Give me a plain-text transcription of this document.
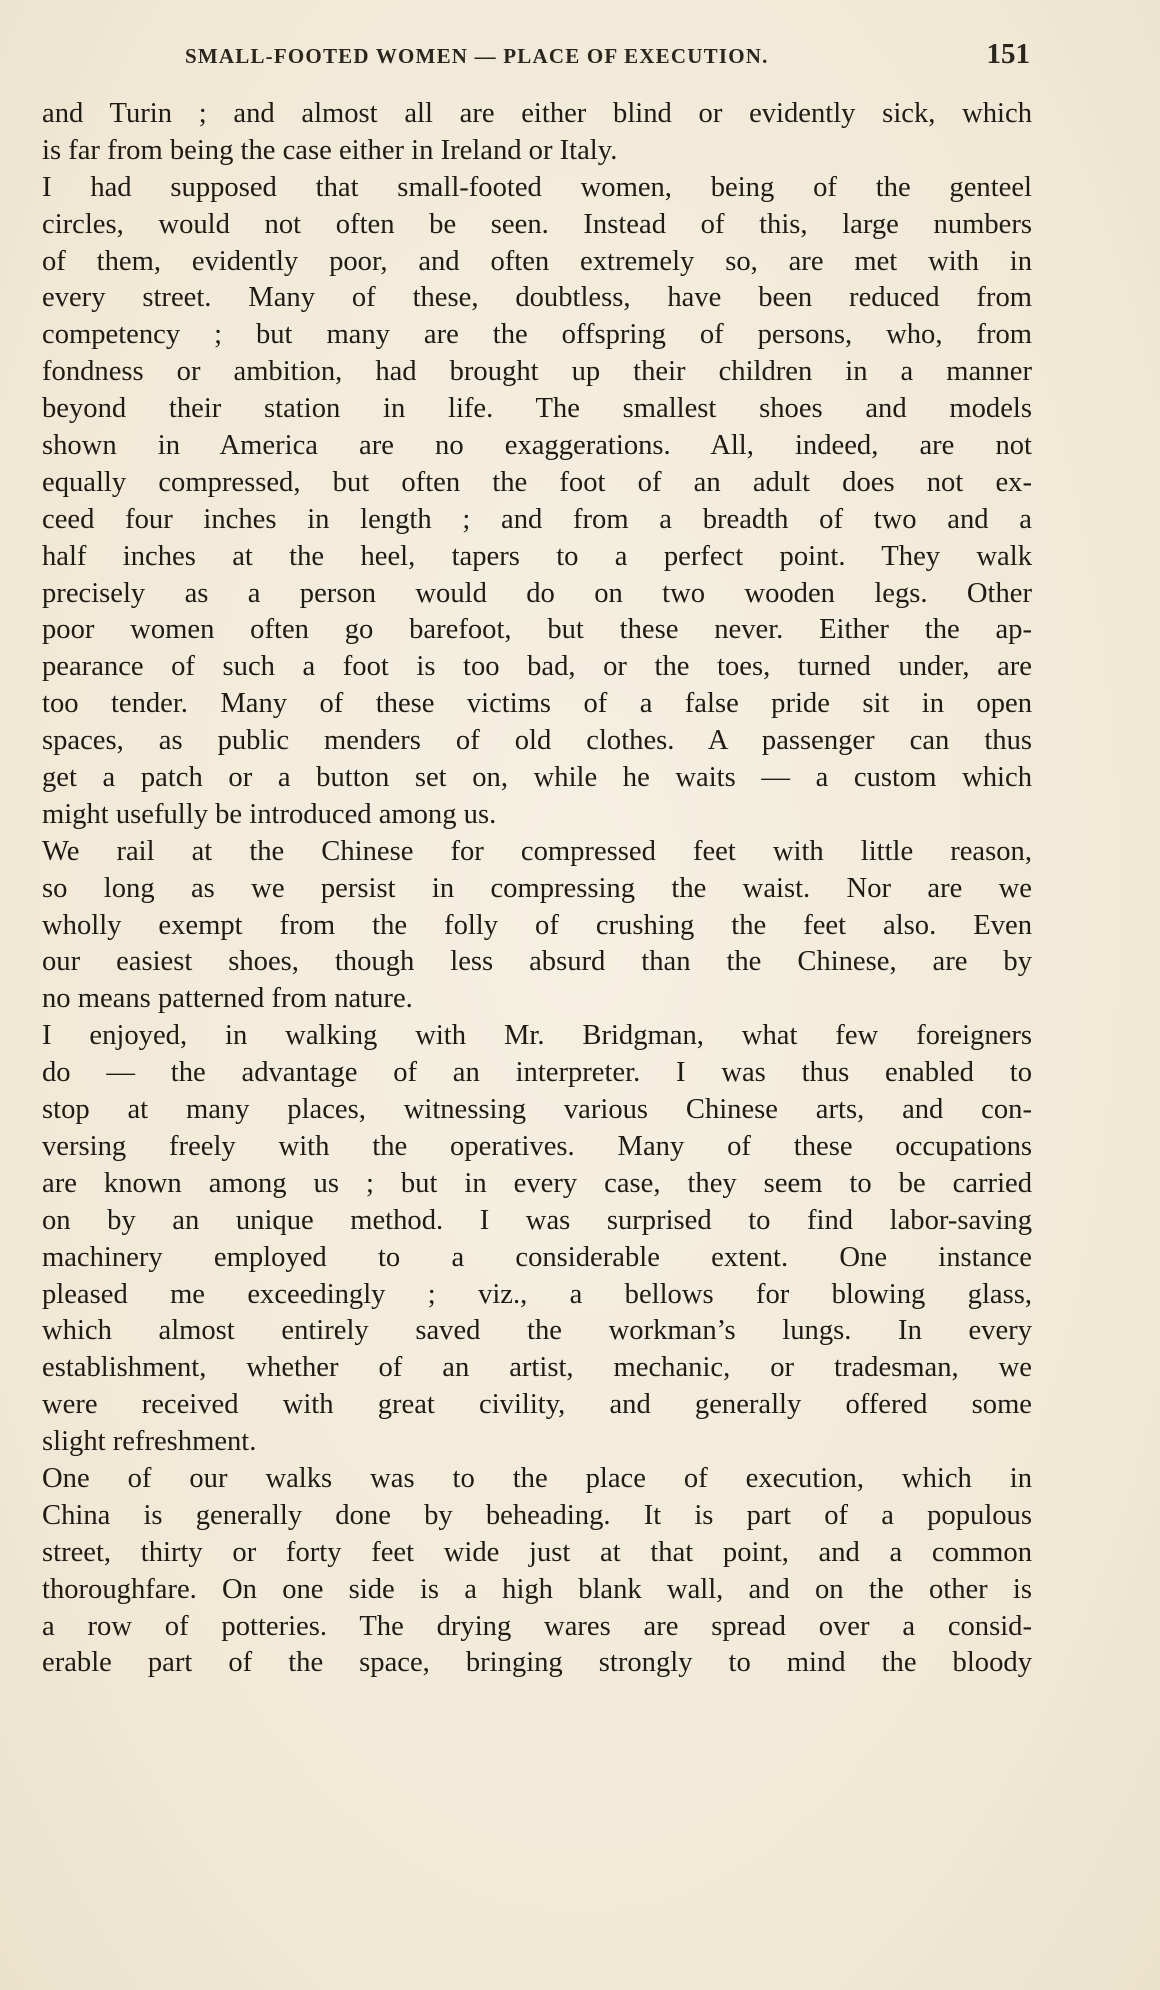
SMALL-FOOTED WOMEN — PLACE OF EXECUTION.	151
and Turin ; and almost all are either blind or evidently sick, which
is far from being the case either in Ireland or Italy.
I had supposed that small-footed women, being of the genteel
circles, would not often be seen. Instead of this, large numbers
of them, evidently poor, and often extremely so, are met with in
every street. Many of these, doubtless, have been reduced from
competency ; but many are the offspring of persons, who, from
fondness or ambition, had brought up their children in a manner
beyond their station in life. The smallest shoes and models
shown in America are no exaggerations. All, indeed, are not
equally compressed, but often the foot of an adult does not ex-
ceed four inches in length ; and from a breadth of two and a
half inches at the heel, tapers to a perfect point. They walk
precisely as a person would do on two wooden legs. Other
poor women often go barefoot, but these never. Either the ap-
pearance of such a foot is too bad, or the toes, turned under, are
too tender. Many of these victims of a false pride sit in open
spaces, as public menders of old clothes. A passenger can thus
get a patch or a button set on, while he waits — a custom which
might usefully be introduced among us.
We rail at the Chinese for compressed feet with little reason,
so long as we persist in compressing the waist. Nor are we
wholly exempt from the folly of crushing the feet also. Even
our easiest shoes, though less absurd than the Chinese, are by
no means patterned from nature.
I enjoyed, in walking with Mr. Bridgman, what few foreigners
do — the advantage of an interpreter. I was thus enabled to
stop at many places, witnessing various Chinese arts, and con-
versing freely with the operatives. Many of these occupations
are known among us ; but in every case, they seem to be carried
on by an unique method. I was surprised to find labor-saving
machinery employed to a considerable extent. One instance
pleased me exceedingly ; viz., a bellows for blowing glass,
which almost entirely saved the workman’s lungs. In every
establishment, whether of an artist, mechanic, or tradesman, we
were received with great civility, and generally offered some
slight refreshment.
One of our walks was to the place of execution, which in
China is generally done by beheading. It is part of a populous
street, thirty or forty feet wide just at that point, and a common
thoroughfare. On one side is a high blank wall, and on the other is
a row of potteries. The drying wares are spread over a consid-
erable part of the space, bringing strongly to mind the bloody
